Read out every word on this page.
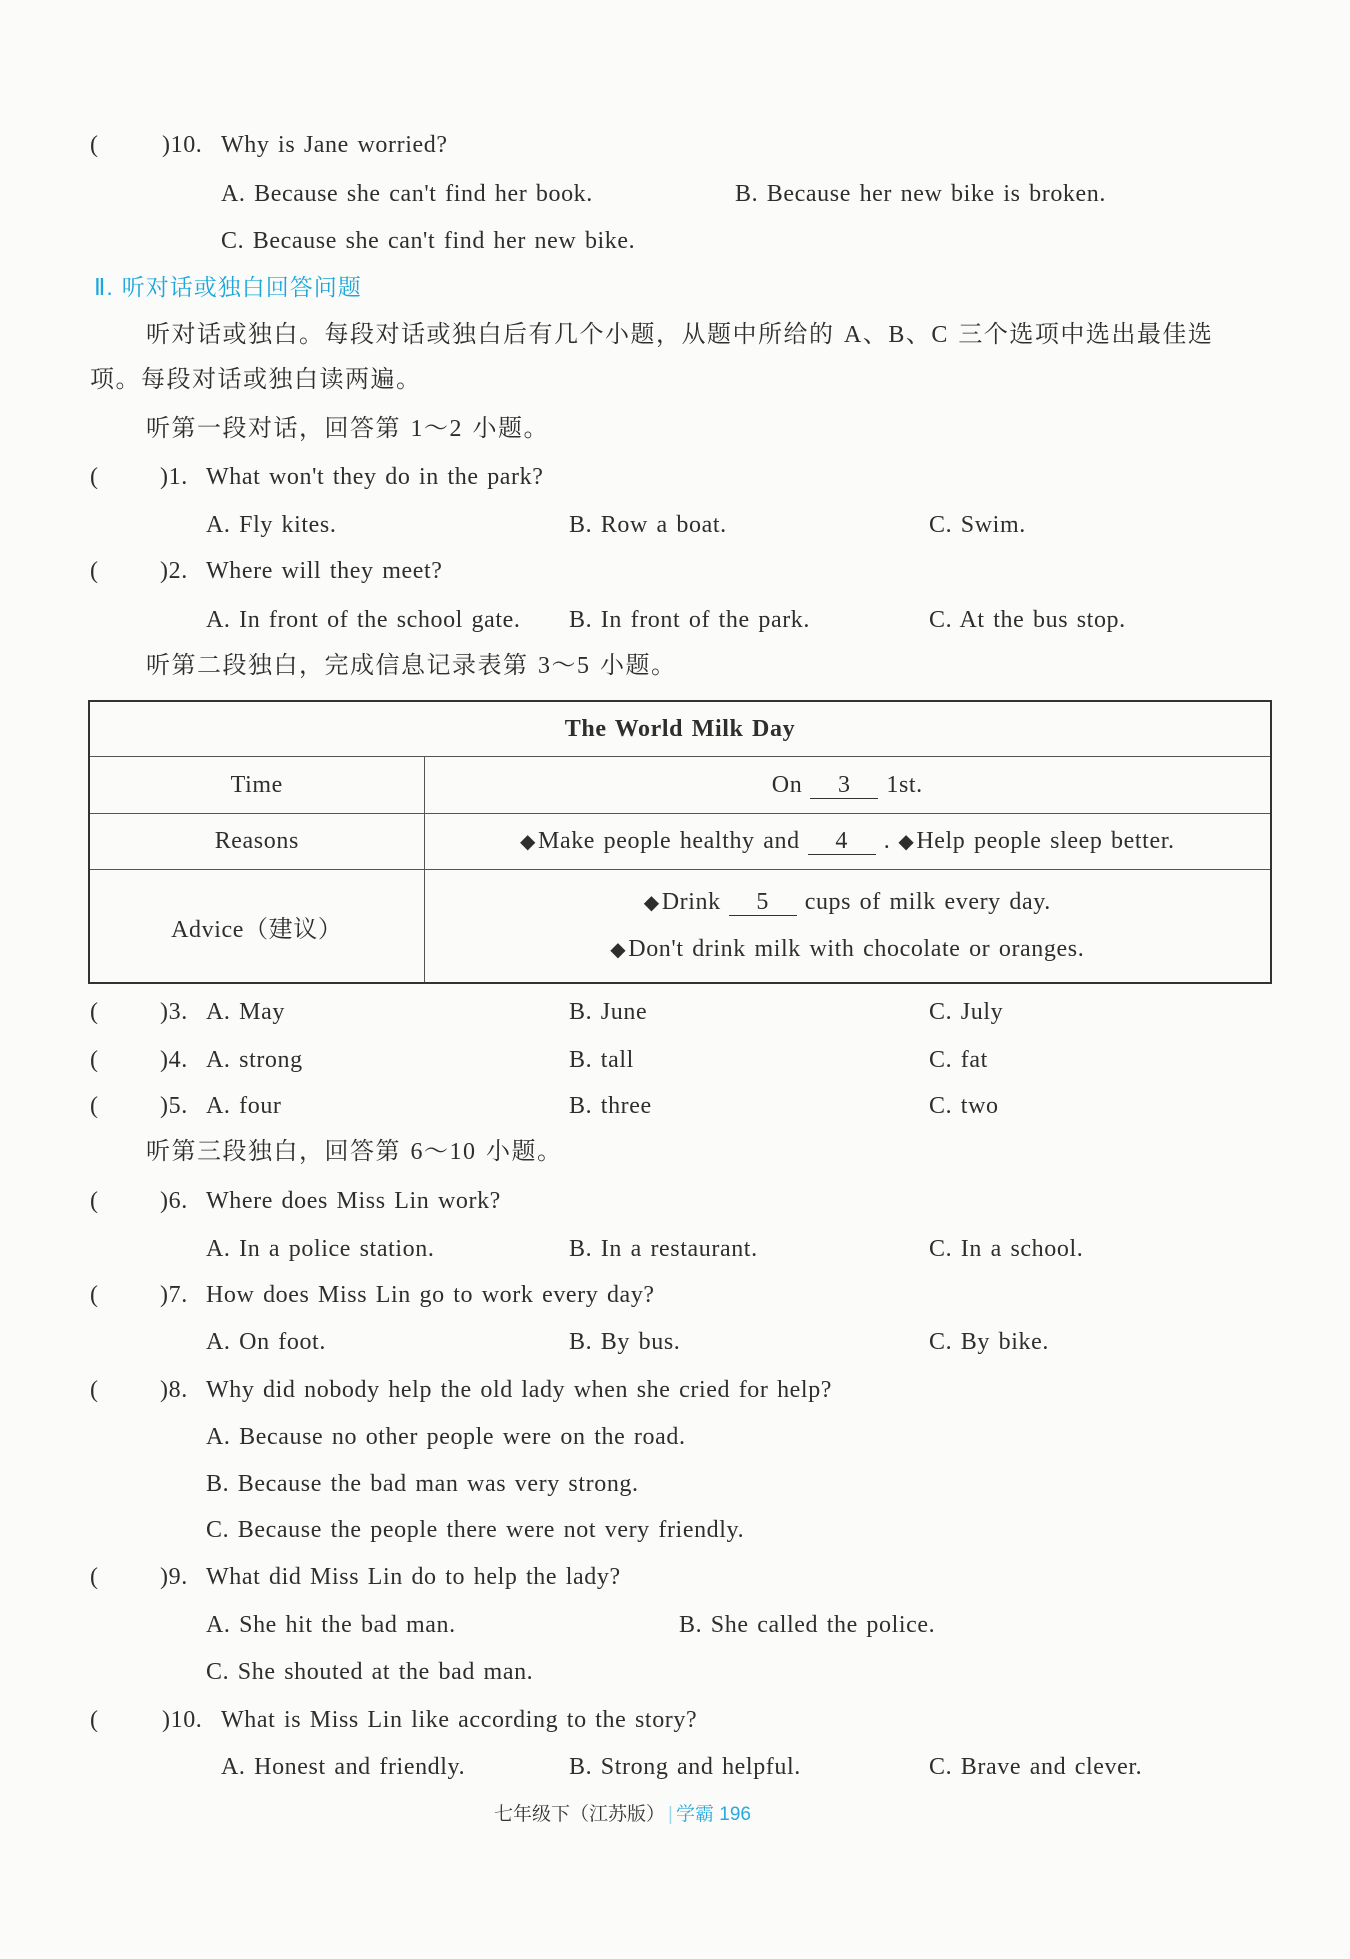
(	)10. Why is Jane worried?
A. Because she can't find her book.	B. Because her new bike is broken.
C. Because she can't find her new bike.
Ⅱ. 听对话或独白回答问题
听对话或独白。每段对话或独白后有几个小题，从题中所给的 A、B、C 三个选项中选出最佳选
项。每段对话或独白读两遍。
听第一段对话，回答第 1～2 小题。
(	)1. What won't they do in the park?
A. Fly kites.	B. Row a boat.	C. Swim.
(	)2. Where will they meet?
A. In front of the school gate. B. In front of the park.	C. At the bus stop.
听第二段独白，完成信息记录表第 3～5 小题。
The World Milk Day	
Time	On 3 1st.
Reasons	◆Make people healthy and 4 . ◆Help people sleep better.
Advice（建议）	◆Drink 5 cups of milk every day.
◆Don't drink milk with chocolate or oranges.
(	)3. A. May	B. June	C. July
(	)4. A. strong	B. tall	C. fat
(	)5. A. four	B. three	C. two
听第三段独白，回答第 6～10 小题。
(	)6. Where does Miss Lin work?
A. In a police station.	B. In a restaurant.	C. In a school.
(	)7. How does Miss Lin go to work every day?
A. On foot.	B. By bus.	C. By bike.
(	)8. Why did nobody help the old lady when she cried for help?
A. Because no other people were on the road.
B. Because the bad man was very strong.
C. Because the people there were not very friendly.
(	)9. What did Miss Lin do to help the lady?
A. She hit the bad man.	B. She called the police.
C. She shouted at the bad man.
(	)10. What is Miss Lin like according to the story?
A. Honest and friendly.	B. Strong and helpful.	C. Brave and clever.
七年级下（江苏版） | 学霸 196
